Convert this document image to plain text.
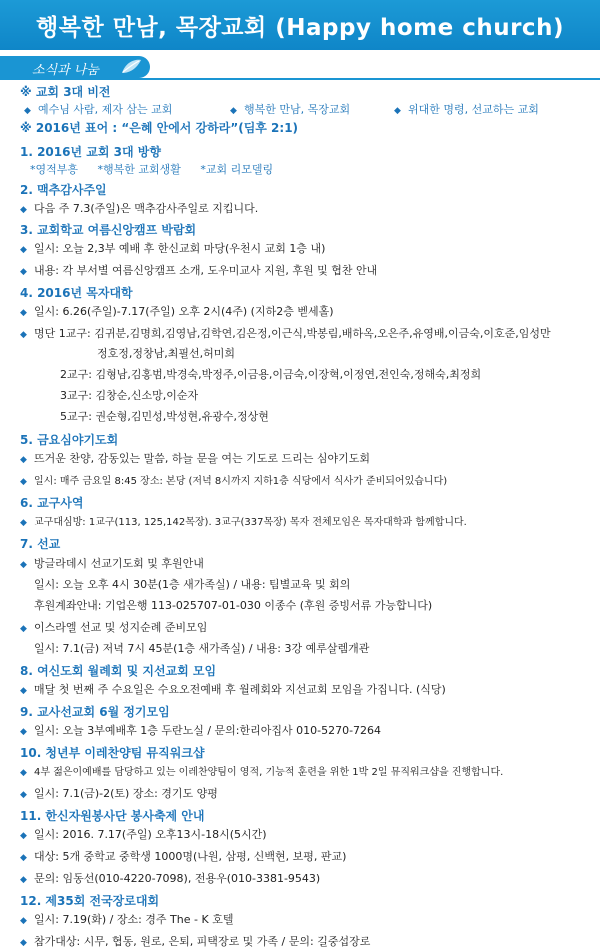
행복한 만남, 목장교회 (Happy home church)
소식과 나눔
※ 교회 3대 비전
◆ 예수님 사람, 제자 삼는 교회	◆ 행복한 만남, 목장교회	◆ 위대한 명령, 선교하는 교회
※ 2016년 표어 : “은혜 안에서 강하라”(딤후 2:1)
1. 2016년 교회 3대 방향
*영적부흥 *행복한 교회생활 *교회 리모델링
2. 맥추감사주일
◆ 다음 주 7.3(주일)은 맥추감사주일로 지킵니다.
3. 교회학교 여름신앙캠프 박람회
◆ 일시: 오늘 2,3부 예배 후 한신교회 마당(우천시 교회 1층 내)
◆ 내용: 각 부서별 여름신앙캠프 소개, 도우미교사 지원, 후원 및 협찬 안내
4. 2016년 목자대학
◆ 일시: 6.26(주일)-7.17(주일) 오후 2시(4주) (지하2층 벧세홀)
◆ 명단 1교구: 김귀분,김명희,김영남,김학연,김은정,이근식,박봉림,배하옥,오은주,유영배,이금숙,이호준,임성만
정호정,정창남,최필선,허미희
2교구: 김형남,김홍범,박경숙,박정주,이금용,이금숙,이장혁,이정연,전인숙,정해숙,최정희
3교구: 김창순,신소망,이순자
5교구: 권순형,김민성,박성현,유광수,정상현
5. 금요심야기도회
◆ 뜨거운 찬양, 감동있는 말씀, 하늘 문을 여는 기도로 드리는 심야기도회
◆ 일시: 매주 금요일 8:45 장소: 본당 (저녁 8시까지 지하1층 식당에서 식사가 준비되어있습니다)
6. 교구사역
◆ 교구대심방: 1교구(113, 125,142목장). 3교구(337목장) 목자 전체모임은 목자대학과 함께합니다.
7. 선교
◆ 방글라데시 선교기도회 및 후원안내
일시: 오늘 오후 4시 30분(1층 새가족실) / 내용: 팀별교육 및 회의
후원계좌안내: 기업은행 113-025707-01-030 이종수 (후원 증빙서류 가능합니다)
◆ 이스라엘 선교 및 성지순례 준비모임
일시: 7.1(금) 저녁 7시 45분(1층 새가족실) / 내용: 3강 예루살렘개관
8. 여신도회 월례회 및 지선교회 모임
◆ 매달 첫 번째 주 수요일은 수요오전예배 후 월례회와 지선교회 모임을 가집니다. (식당)
9. 교사선교회 6월 정기모임
◆ 일시: 오늘 3부예배후 1층 두란노실 / 문의:한리아집사 010-5270-7264
10. 청년부 이레찬양팀 뮤직워크샵
◆ 4부 젊은이예배를 담당하고 있는 이레찬양팀이 영적, 기능적 훈련을 위한 1박 2일 뮤직워크샵을 진행합니다.
◆ 일시: 7.1(금)-2(토) 장소: 경기도 양평
11. 한신자원봉사단 봉사축제 안내
◆ 일시: 2016. 7.17(주일) 오후13시-18시(5시간)
◆ 대상: 5개 중학교 중학생 1000명(나원, 삼평, 신백현, 보평, 판교)
◆ 문의: 임동선(010-4220-7098), 전용우(010-3381-9543)
12. 제35회 전국장로대회
◆ 일시: 7.19(화) / 장소: 경주 The - K 호텔
◆ 참가대상: 시무, 협동, 원로, 은퇴, 피택장로 및 가족 / 문의: 길중섭장로
